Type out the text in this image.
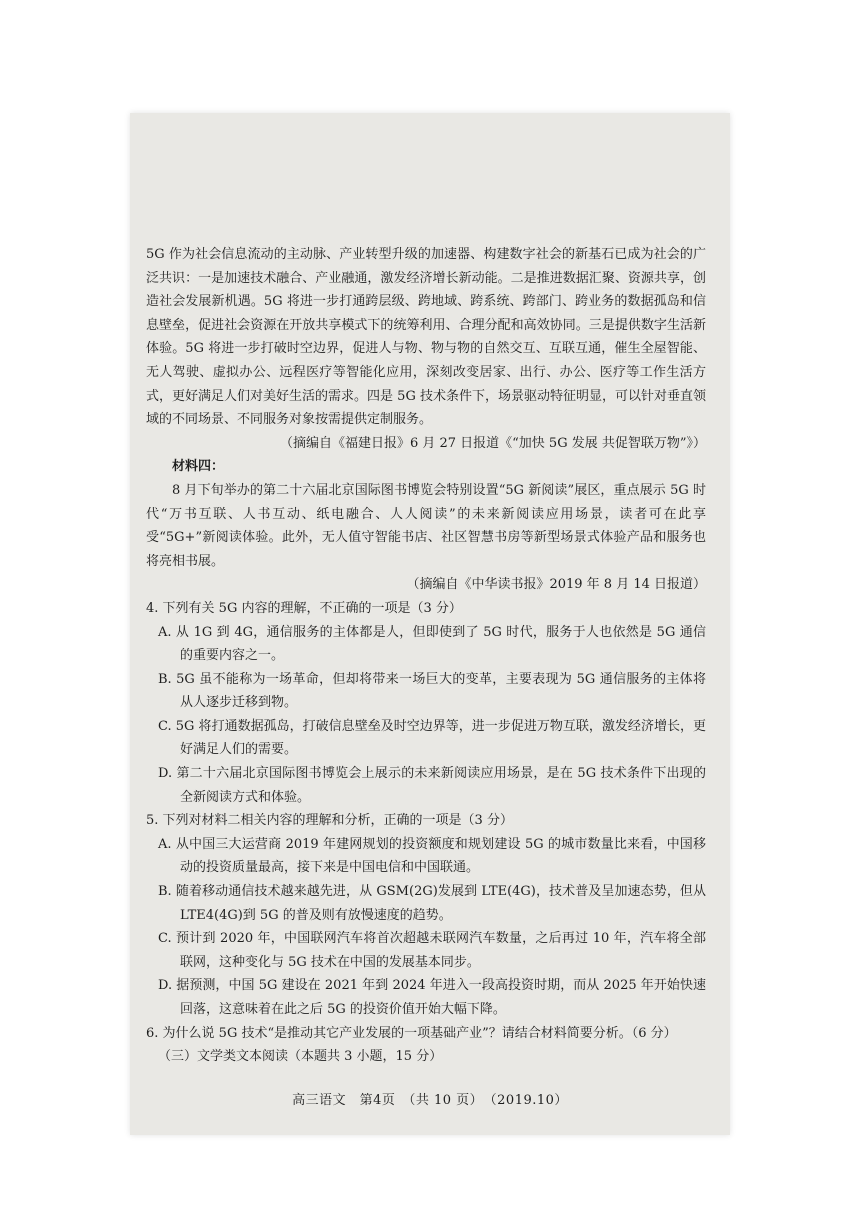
5G 作为社会信息流动的主动脉、产业转型升级的加速器、构建数字社会的新基石已成为社会的广泛共识：一是加速技术融合、产业融通，激发经济增长新动能。二是推进数据汇聚、资源共享，创造社会发展新机遇。5G 将进一步打通跨层级、跨地域、跨系统、跨部门、跨业务的数据孤岛和信息壁垒，促进社会资源在开放共享模式下的统筹利用、合理分配和高效协同。三是提供数字生活新体验。5G 将进一步打破时空边界，促进人与物、物与物的自然交互、互联互通，催生全屋智能、无人驾驶、虚拟办公、远程医疗等智能化应用，深刻改变居家、出行、办公、医疗等工作生活方式，更好满足人们对美好生活的需求。四是 5G 技术条件下，场景驱动特征明显，可以针对垂直领域的不同场景、不同服务对象按需提供定制服务。

（摘编自《福建日报》6 月 27 日报道《“加快 5G 发展 共促智联万物”》）

材料四：

8 月下旬举办的第二十六届北京国际图书博览会特别设置“5G 新阅读”展区，重点展示 5G 时代“万书互联、人书互动、纸电融合、人人阅读”的未来新阅读应用场景，读者可在此享受“5G+”新阅读体验。此外，无人值守智能书店、社区智慧书房等新型场景式体验产品和服务也将亮相书展。

（摘编自《中华读书报》2019 年 8 月 14 日报道）

4. 下列有关 5G 内容的理解，不正确的一项是（3 分）

A. 从 1G 到 4G，通信服务的主体都是人，但即使到了 5G 时代，服务于人也依然是 5G 通信的重要内容之一。

B. 5G 虽不能称为一场革命，但却将带来一场巨大的变革，主要表现为 5G 通信服务的主体将从人逐步迁移到物。

C. 5G 将打通数据孤岛，打破信息壁垒及时空边界等，进一步促进万物互联，激发经济增长，更好满足人们的需要。

D. 第二十六届北京国际图书博览会上展示的未来新阅读应用场景，是在 5G 技术条件下出现的全新阅读方式和体验。

5. 下列对材料二相关内容的理解和分析，正确的一项是（3 分）

A. 从中国三大运营商 2019 年建网规划的投资额度和规划建设 5G 的城市数量比来看，中国移动的投资质量最高，接下来是中国电信和中国联通。

B. 随着移动通信技术越来越先进，从 GSM(2G)发展到 LTE(4G)，技术普及呈加速态势，但从 LTE4(4G)到 5G 的普及则有放慢速度的趋势。

C. 预计到 2020 年，中国联网汽车将首次超越未联网汽车数量，之后再过 10 年，汽车将全部联网，这种变化与 5G 技术在中国的发展基本同步。

D. 据预测，中国 5G 建设在 2021 年到 2024 年进入一段高投资时期，而从 2025 年开始快速回落，这意味着在此之后 5G 的投资价值开始大幅下降。

6. 为什么说 5G 技术“是推动其它产业发展的一项基础产业”？请结合材料简要分析。（6 分）

（三）文学类文本阅读（本题共 3 小题，15 分）

高三语文　第4页　（共 10 页）　（2019.10）
